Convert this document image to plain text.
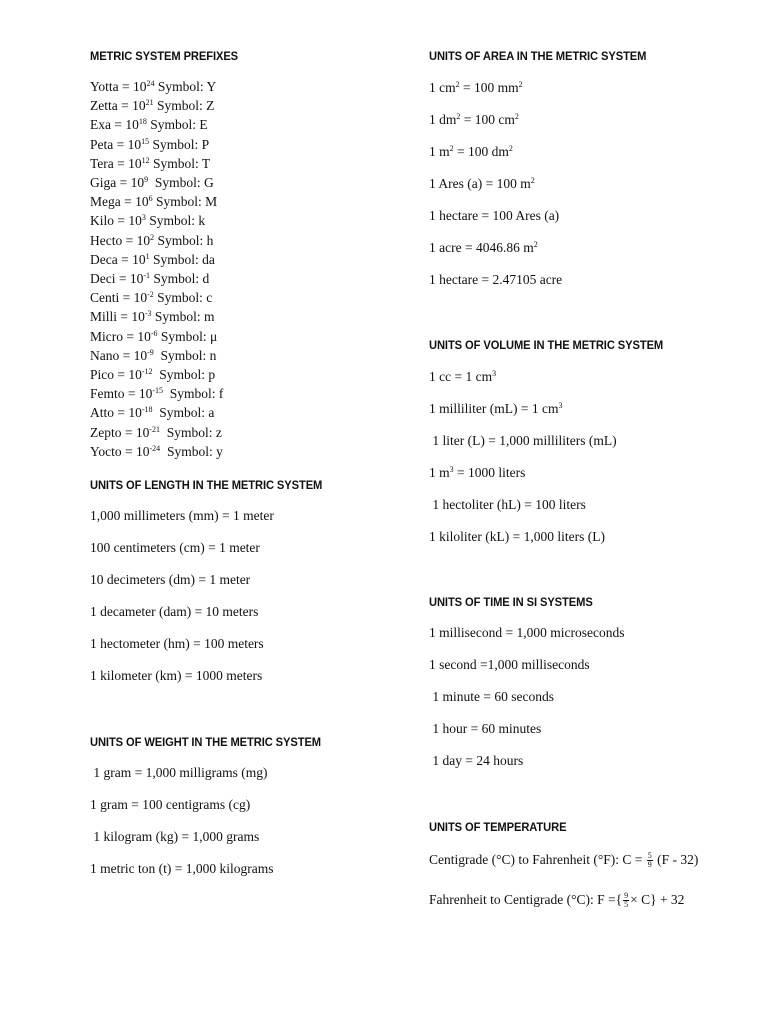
METRIC SYSTEM PREFIXES
Yotta = $10^{24}$ Symbol: Y
Zetta = $10^{21}$ Symbol: Z
Exa = $10^{18}$ Symbol: E
Peta = $10^{15}$ Symbol: P
Tera = $10^{12}$ Symbol: T
Giga = $10^9$  Symbol: G
Mega = $10^6$ Symbol: M
Kilo = $10^3$ Symbol: k
Hecto = $10^2$ Symbol: h
Deca = $10^1$ Symbol: da
Deci = $10^{-1}$ Symbol: d
Centi = $10^{-2}$ Symbol: c
Milli = $10^{-3}$ Symbol: m
Micro = $10^{-6}$ Symbol: μ
Nano = $10^{-9}$  Symbol: n
Pico = $10^{-12}$  Symbol: p
Femto = $10^{-15}$  Symbol: f
Atto = $10^{-18}$  Symbol: a
Zepto = $10^{-21}$  Symbol: z
Yocto = $10^{-24}$  Symbol: y
UNITS OF LENGTH IN THE METRIC SYSTEM
1,000 millimeters (mm) = 1 meter
100 centimeters (cm) = 1 meter
10 decimeters (dm) = 1 meter
1 decameter (dam) = 10 meters
1 hectometer (hm) = 100 meters
1 kilometer (km) = 1000 meters
UNITS OF WEIGHT IN THE METRIC SYSTEM
1 gram = 1,000 milligrams (mg)
1 gram = 100 centigrams (cg)
1 kilogram (kg) = 1,000 grams
1 metric ton (t) = 1,000 kilograms
UNITS OF AREA IN THE METRIC SYSTEM
1 $cm^2 = 100$ $mm^2$
1 $dm^2 = 100$ $cm^2$
1 $m^2 = 100$ $dm^2$
1 Ares (a) = 100 $m^2$
1 hectare = 100 Ares (a)
1 acre = 4046.86 $m^2$
1 hectare = 2.47105 acre
UNITS OF VOLUME IN THE METRIC SYSTEM
1 cc = 1 $cm^3$
1 milliliter (mL) = 1 $cm^3$
1 liter (L) = 1,000 milliliters (mL)
1 $m^3 = 1000$ liters
1 hectoliter (hL) = 100 liters
1 kiloliter (kL) = 1,000 liters (L)
UNITS OF TIME IN SI SYSTEMS
1 millisecond = 1,000 microseconds
1 second =1,000 milliseconds
1 minute = 60 seconds
1 hour = 60 minutes
1 day = 24 hours
UNITS OF TEMPERATURE
Centigrade (°C) to Fahrenheit (°F): $C = \frac{5}{9} (F - 32)$
Fahrenheit to Centigrade (°C): F ={ $\frac{9}{5} \times C\} + 32$
